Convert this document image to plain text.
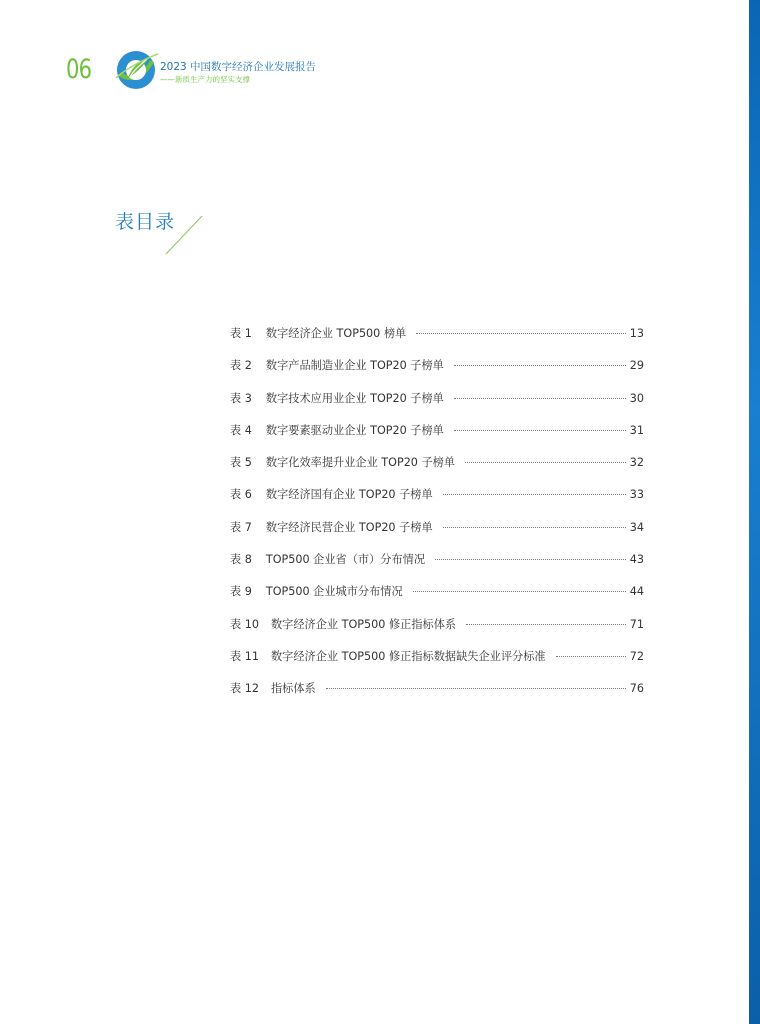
06	2023 中国数字经济企业发展报告
——新质生产力的坚实支撑
表目录
表 1 数字经济企业 TOP500 榜单	13
表 2 数字产品制造业企业 TOP20 子榜单	29
表 3 数字技术应用业企业 TOP20 子榜单	30
表 4 数字要素驱动业企业 TOP20 子榜单	31
表 5 数字化效率提升业企业 TOP20 子榜单	32
表 6 数字经济国有企业 TOP20 子榜单	33
表 7 数字经济民营企业 TOP20 子榜单	34
表 8 TOP500 企业省（市）分布情况	43
表 9 TOP500 企业城市分布情况	44
表 10 数字经济企业 TOP500 修正指标体系	71
表 11 数字经济企业 TOP500 修正指标数据缺失企业评分标准	72
表 12 指标体系	76
